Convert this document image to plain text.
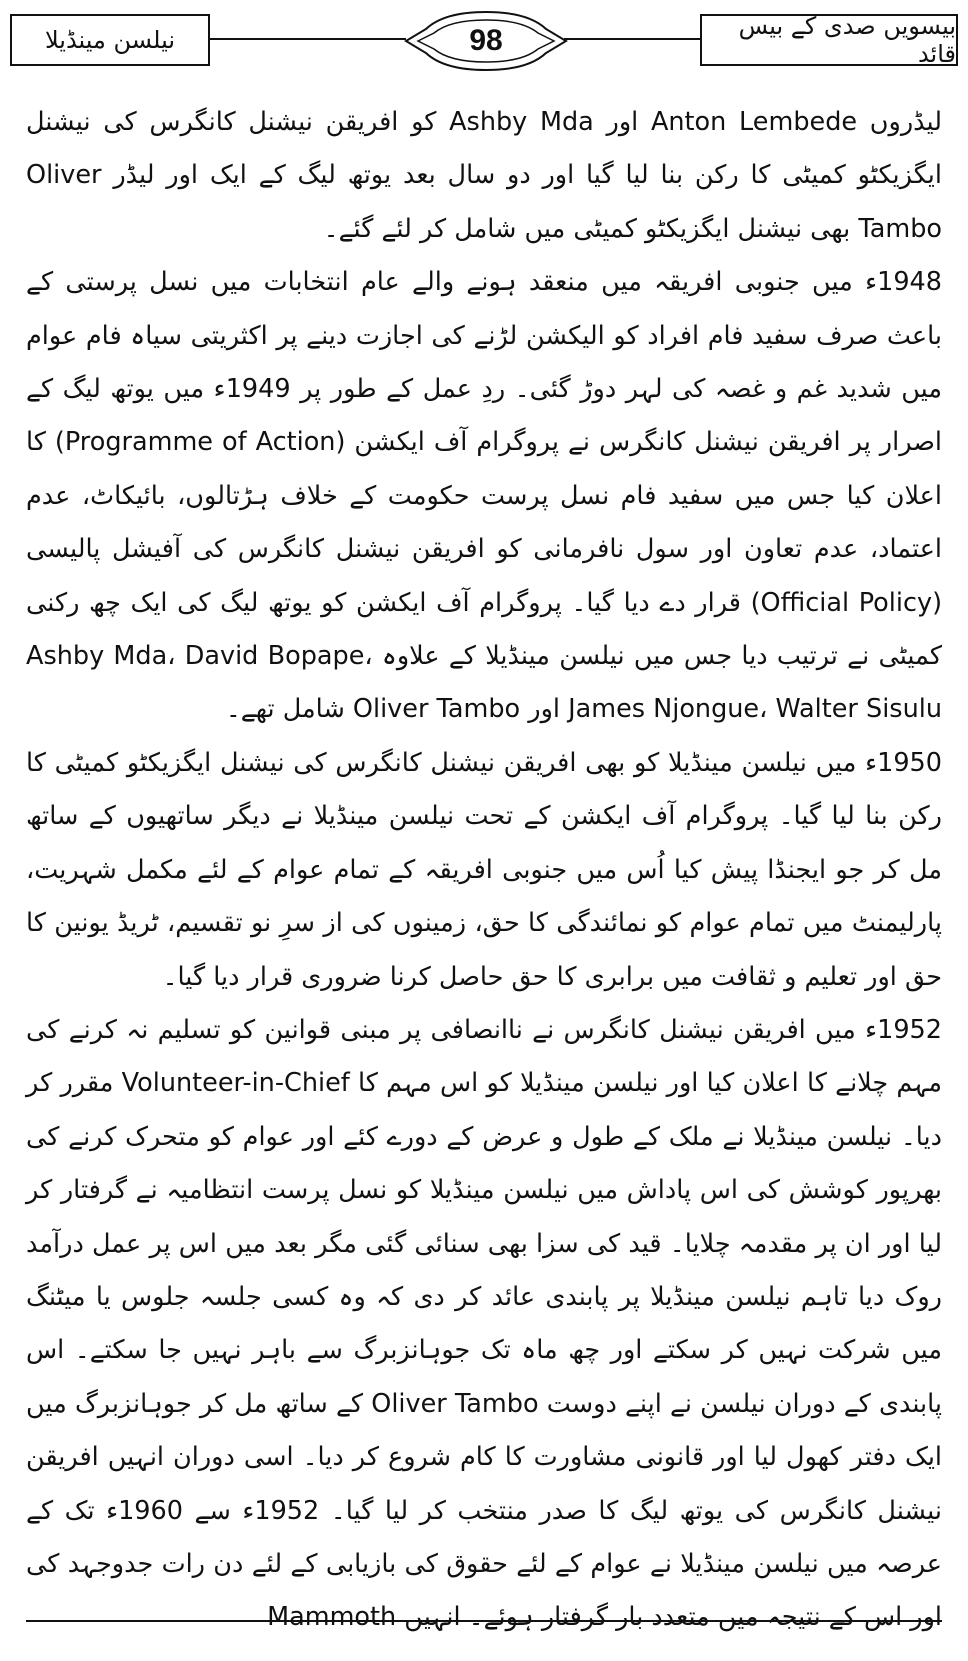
نیلسن مینڈیلا	98	بیسویں صدی کے بیس قائد

لیڈروں Anton Lembede اور Ashby Mda کو افریقن نیشنل کانگرس کی نیشنل ایگزیکٹو کمیٹی کا رکن بنا لیا گیا اور دو سال بعد یوتھ لیگ کے ایک اور لیڈر Oliver Tambo بھی نیشنل ایگزیکٹو کمیٹی میں شامل کر لئے گئے۔

1948ء میں جنوبی افریقہ میں منعقد ہونے والے عام انتخابات میں نسل پرستی کے باعث صرف سفید فام افراد کو الیکشن لڑنے کی اجازت دینے پر اکثریتی سیاہ فام عوام میں شدید غم و غصہ کی لہر دوڑ گئی۔ ردِ عمل کے طور پر 1949ء میں یوتھ لیگ کے اصرار پر افریقن نیشنل کانگرس نے پروگرام آف ایکشن (Programme of Action) کا اعلان کیا جس میں سفید فام نسل پرست حکومت کے خلاف ہڑتالوں، بائیکاٹ، عدم اعتماد، عدم تعاون اور سول نافرمانی کو افریقن نیشنل کانگرس کی آفیشل پالیسی (Official Policy) قرار دے دیا گیا۔ پروگرام آف ایکشن کو یوتھ لیگ کی ایک چھ رکنی کمیٹی نے ترتیب دیا جس میں نیلسن مینڈیلا کے علاوہ Ashby Mda، David Bopape، James Njongue، Walter Sisulu اور Oliver Tambo شامل تھے۔

1950ء میں نیلسن مینڈیلا کو بھی افریقن نیشنل کانگرس کی نیشنل ایگزیکٹو کمیٹی کا رکن بنا لیا گیا۔ پروگرام آف ایکشن کے تحت نیلسن مینڈیلا نے دیگر ساتھیوں کے ساتھ مل کر جو ایجنڈا پیش کیا اُس میں جنوبی افریقہ کے تمام عوام کے لئے مکمل شہریت، پارلیمنٹ میں تمام عوام کو نمائندگی کا حق، زمینوں کی از سرِ نو تقسیم، ٹریڈ یونین کا حق اور تعلیم و ثقافت میں برابری کا حق حاصل کرنا ضروری قرار دیا گیا۔

1952ء میں افریقن نیشنل کانگرس نے ناانصافی پر مبنی قوانین کو تسلیم نہ کرنے کی مہم چلانے کا اعلان کیا اور نیلسن مینڈیلا کو اس مہم کا Volunteer-in-Chief مقرر کر دیا۔ نیلسن مینڈیلا نے ملک کے طول و عرض کے دورے کئے اور عوام کو متحرک کرنے کی بھرپور کوشش کی اس پاداش میں نیلسن مینڈیلا کو نسل پرست انتظامیہ نے گرفتار کر لیا اور ان پر مقدمہ چلایا۔ قید کی سزا بھی سنائی گئی مگر بعد میں اس پر عمل درآمد روک دیا تاہم نیلسن مینڈیلا پر پابندی عائد کر دی کہ وہ کسی جلسہ جلوس یا میٹنگ میں شرکت نہیں کر سکتے اور چھ ماہ تک جوہانزبرگ سے باہر نہیں جا سکتے۔ اس پابندی کے دوران نیلسن نے اپنے دوست Oliver Tambo کے ساتھ مل کر جوہانزبرگ میں ایک دفتر کھول لیا اور قانونی مشاورت کا کام شروع کر دیا۔ اسی دوران انہیں افریقن نیشنل کانگرس کی یوتھ لیگ کا صدر منتخب کر لیا گیا۔ 1952ء سے 1960ء تک کے عرصہ میں نیلسن مینڈیلا نے عوام کے لئے حقوق کی بازیابی کے لئے دن رات جدوجہد کی اور اس کے نتیجہ میں متعدد بار گرفتار ہوئے۔ انہیں Mammoth
